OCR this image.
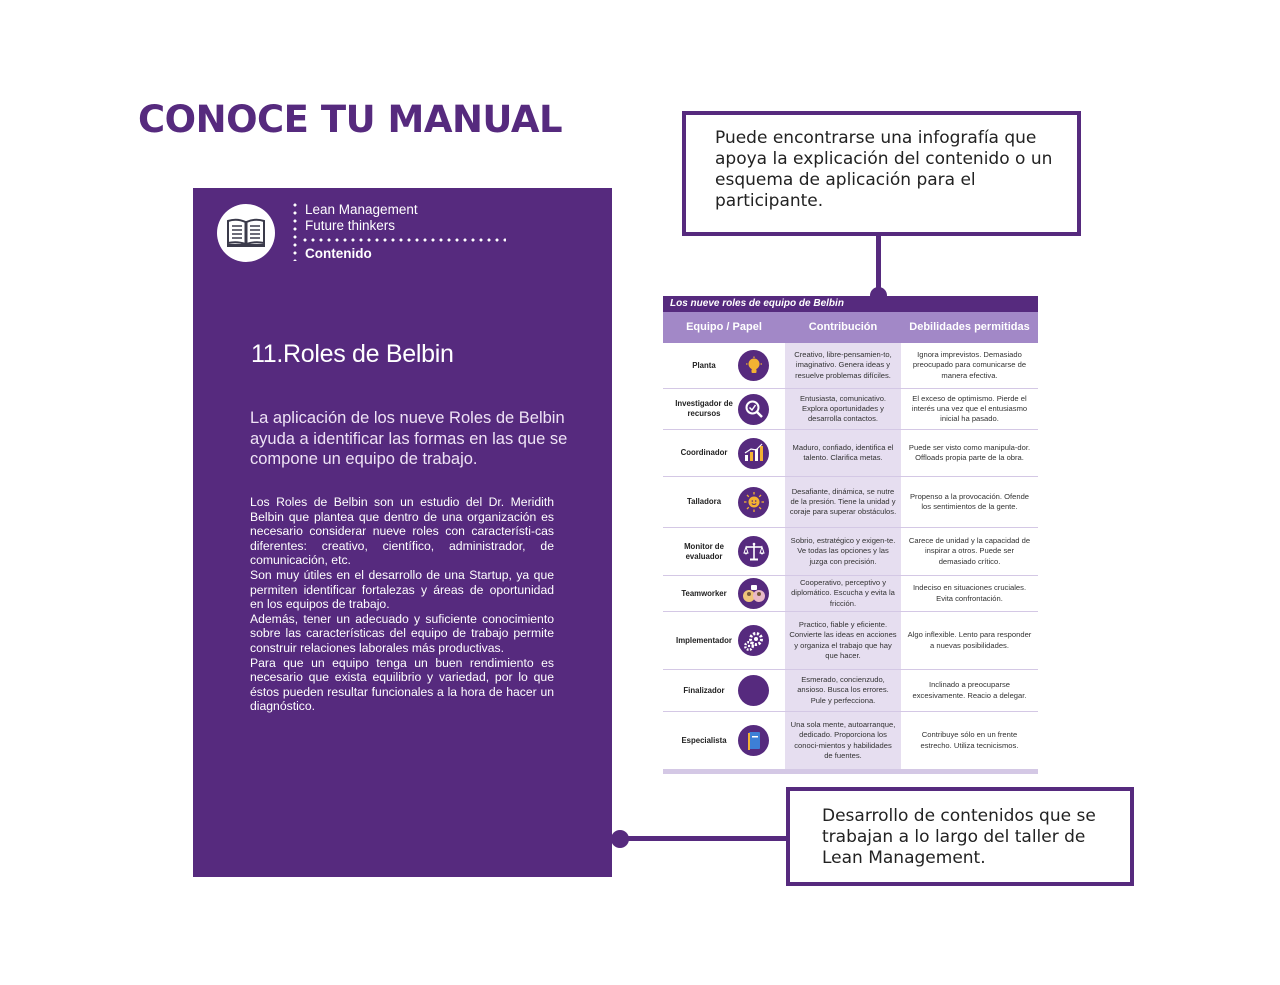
CONOCE TU MANUAL
Lean Management
Future thinkers
Contenido
11.Roles de Belbin
La aplicación de los nueve Roles de Belbin ayuda a identificar las formas en las que se compone un equipo de trabajo.

Los Roles de Belbin son un estudio del Dr. Meridith Belbin que plantea que dentro de una organización es necesario considerar nueve roles con característi-cas diferentes: creativo, científico, administrador, de comunicación, etc.

Son muy útiles en el desarrollo de una Startup, ya que permiten identificar fortalezas y áreas de oportunidad en los equipos de trabajo.

Además, tener un adecuado y suficiente conocimiento sobre las características del equipo de trabajo permite construir relaciones laborales más productivas.

Para que un equipo tenga un buen rendimiento es necesario que exista equilibrio y variedad, por lo que éstos pueden resultar funcionales a la hora de hacer un diagnóstico.

Puede encontrarse una infografía que apoya la explicación del contenido o un esquema de aplicación para el participante.
Desarrollo de contenidos que se trabajan a lo largo del taller de Lean Management.
Los nueve roles de equipo de Belbin
Equipo / Papel	Contribución	Debilidades permitidas
Planta
Creativo, libre-pensamien-to, imaginativo. Genera ideas y resuelve problemas difíciles.
Ignora imprevistos. Demasiado preocupado para comunicarse de manera efectiva.
Investigador de recursos
Entusiasta, comunicativo. Explora oportunidades y desarrolla contactos.
El exceso de optimismo. Pierde el interés una vez que el entusiasmo inicial ha pasado.
Coordinador
Maduro, confiado, identifica el talento. Clarifica metas.
Puede ser visto como manipula-dor. Offloads propia parte de la obra.
Talladora
Desafiante, dinámica, se nutre de la presión. Tiene la unidad y coraje para superar obstáculos.
Propenso a la provocación. Ofende los sentimientos de la gente.
Monitor de evaluador
Sobrio, estratégico y exigen-te. Ve todas las opciones y las juzga con precisión.
Carece de unidad y la capacidad de inspirar a otros. Puede ser demasiado crítico.
Teamworker
Cooperativo, perceptivo y diplomático. Escucha y evita la fricción.
Indeciso en situaciones cruciales. Evita confrontación.
Implementador
Practico, fiable y eficiente. Convierte las ideas en acciones y organiza el trabajo que hay que hacer.
Algo inflexible. Lento para responder a nuevas posibilidades.
Finalizador
Esmerado, concienzudo, ansioso. Busca los errores. Pule y perfecciona.
Inclinado a preocuparse excesivamente. Reacio a delegar.
Especialista
Una sola mente, autoarranque, dedicado. Proporciona los conoci-mientos y habilidades de fuentes.
Contribuye sólo en un frente estrecho. Utiliza tecnicismos.
